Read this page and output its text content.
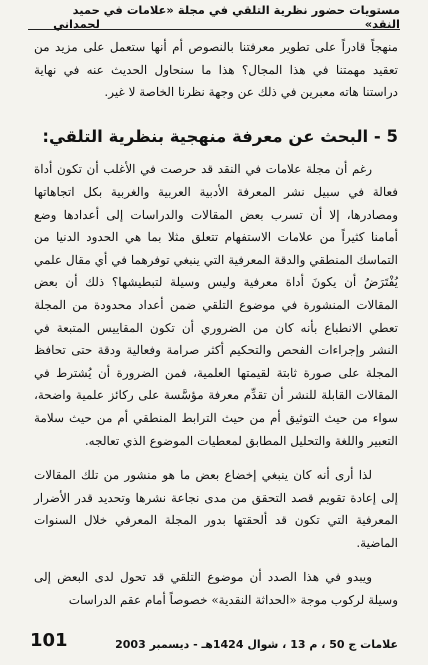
مستويات حضور نظرية التلقي في مجلة «علامات في النقد»
حميد لحمداني

منهجاً قادراً على تطوير معرفتنا بالنصوص أم أنها ستعمل على مزيد من تعقيد مهمتنا في هذا المجال؟ هذا ما سنحاول الحديث عنه في نهاية دراستنا هاته معبرين في ذلك عن وجهة نظرنا الخاصة لا غير.

5 - البحث عن معرفة منهجية بنظرية التلقي:

رغم أن مجلة علامات في النقد قد حرصت في الأغلب أن تكون أداة فعالة في سبيل نشر المعرفة الأدبية العربية والغربية بكل اتجاهاتها ومصادرها، إلا أن تسرب بعض المقالات والدراسات إلى أعدادها وضع أمامنا كثيراً من علامات الاستفهام تتعلق مثلا بما هي الحدود الدنيا من التماسك المنطقي والدقة المعرفية التي ينبغي توفرهما في أي مقال علمي يُفْتَرَضُ أن يكونَ أداة معرفية وليس وسيلة لتبطيشها؟ ذلك أن بعض المقالات المنشورة في موضوع التلقي ضمن أعداد محدودة من المجلة تعطي الانطباع بأنه كان من الضروري أن تكون المقاييس المتبعة في النشر وإجراءات الفحص والتحكيم أكثر صرامة وفعالية ودقة حتى تحافظ المجلة على صورة ثابتة لقيمتها العلمية، فمن الضرورة أن يُشترط في المقالات القابلة للنشر أن تقدِّم معرفة مؤسَّسة على ركائز علمية واضحة، سواء من حيث التوثيق أم من حيث الترابط المنطقي أم من حيث سلامة التعبير واللغة والتحليل المطابق لمعطيات الموضوع الذي تعالجه.

لذا أرى أنه كان ينبغي إخضاع بعض ما هو منشور من تلك المقالات إلى إعادة تقويم قصد التحقق من مدى نجاعة نشرها وتحديد قدر الأضرار المعرفية التي تكون قد ألحقتها بدور المجلة المعرفي خلال السنوات الماضية.

ويبدو في هذا الصدد أن موضوع التلقي قد تحول لدى البعض إلى وسيلة لركوب موجة «الحداثة النقدية» خصوصاً أمام عقم الدراسات

101	علامات ج 50 ، م 13 ، شوال 1424هـ - ديسمبر 2003
